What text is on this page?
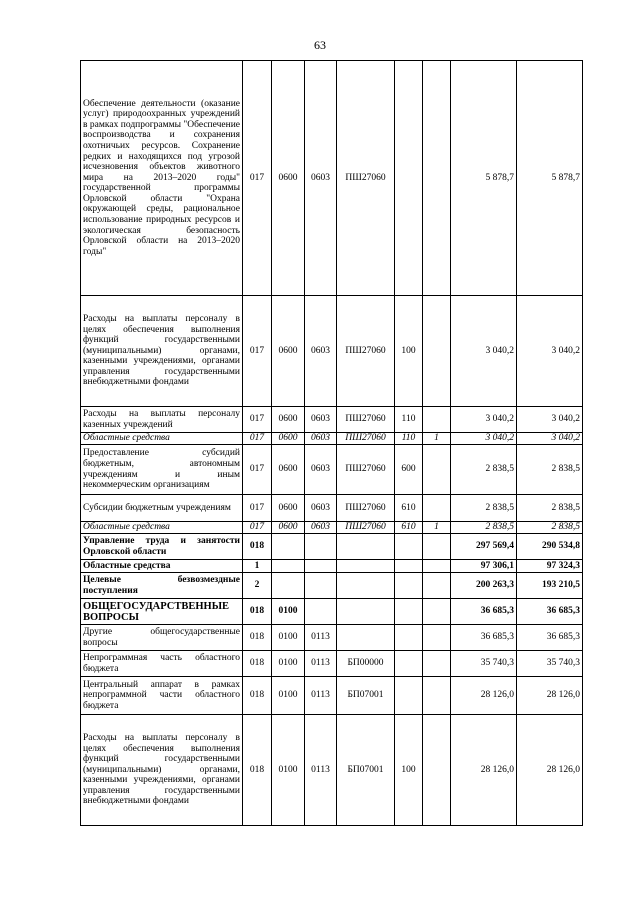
63
Обеспечение деятельности (оказание услуг) природоохранных учреждений в рамках подпрограммы "Обеспечение воспроизводства и сохранения охотничьих ресурсов. Сохранение редких и находящихся под угрозой исчезновения объектов животного мира на 2013–2020 годы" государственной программы Орловской области "Охрана окружающей среды, рациональное использование природных ресурсов и экологическая безопасность Орловской области на 2013–2020 годы"	017	0600	0603	ПШ27060			5 878,7	5 878,7
Расходы на выплаты персоналу в целях обеспечения выполнения функций государственными (муниципальными) органами, казенными учреждениями, органами управления государственными внебюджетными фондами	017	0600	0603	ПШ27060	100		3 040,2	3 040,2
Расходы на выплаты персоналу казенных учреждений	017	0600	0603	ПШ27060	110		3 040,2	3 040,2
Областные средства	017	0600	0603	ПШ27060	110	1	3 040,2	3 040,2
Предоставление субсидий бюджетным, автономным учреждениям и иным некоммерческим организациям	017	0600	0603	ПШ27060	600		2 838,5	2 838,5
Субсидии бюджетным учреждениям	017	0600	0603	ПШ27060	610		2 838,5	2 838,5
Областные средства	017	0600	0603	ПШ27060	610	1	2 838,5	2 838,5
Управление труда и занятости Орловской области	018						297 569,4	290 534,8
Областные средства	1						97 306,1	97 324,3
Целевые безвозмездные поступления	2						200 263,3	193 210,5
ОБЩЕГОСУДАРСТВЕННЫЕ ВОПРОСЫ	018	0100					36 685,3	36 685,3
Другие общегосударственные вопросы	018	0100	0113				36 685,3	36 685,3
Непрограммная часть областного бюджета	018	0100	0113	БП00000			35 740,3	35 740,3
Центральный аппарат в рамках непрограммной части областного бюджета	018	0100	0113	БП07001			28 126,0	28 126,0
Расходы на выплаты персоналу в целях обеспечения выполнения функций государственными (муниципальными) органами, казенными учреждениями, органами управления государственными внебюджетными фондами	018	0100	0113	БП07001	100		28 126,0	28 126,0
